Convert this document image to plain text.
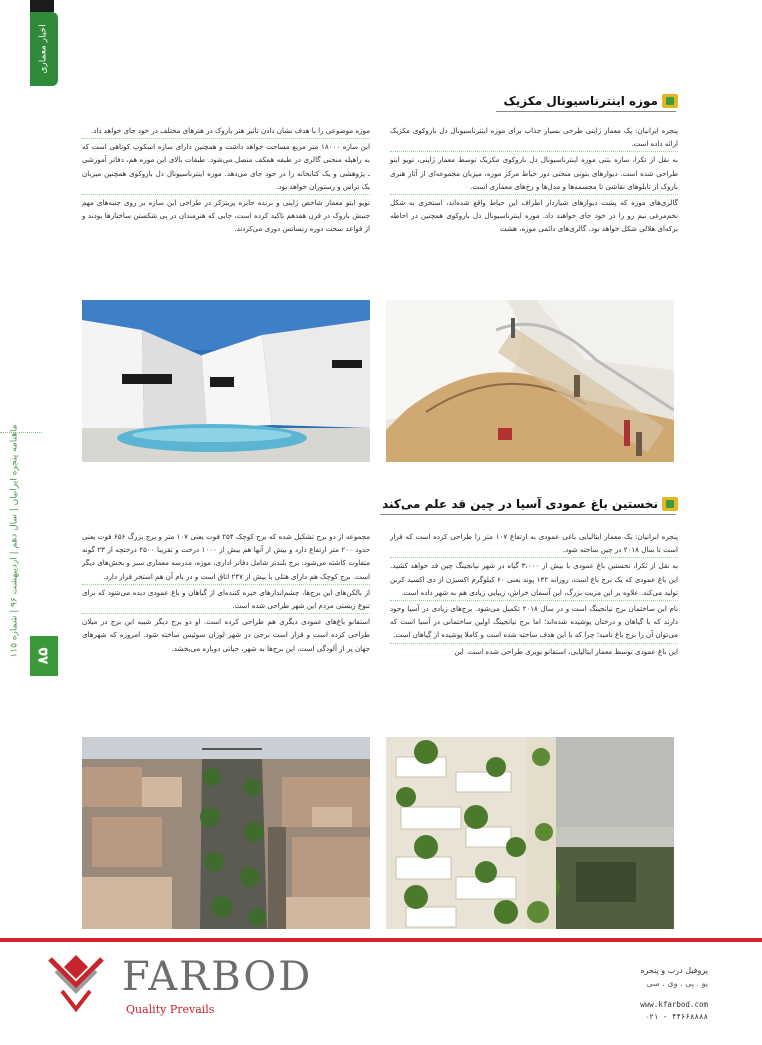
اخبار معماری
ماهنامه پنجره ایرانیان | سال دهم | اردیبهشت ۹۶ | شماره ۱۱۵
۸۵
موزه اینترناسیونال مکزیک

پنجره ایرانیان: یک معمار ژاپنی طرحی بسیار جذاب برای موزه اینترناسیونال دل باروکوی مکزیک ارائه داده است.

به نقل از تکرا، سازه بتنی موزه اینترناسیونال دل باروکوی مکزیک توسط معمار ژاپنی، تویو ایتو طراحی شده است. دیوارهای بتونی منحنی دور حیاط مرکز موزه، میزبان مجموعه‌ای از آثار هنری باروک از تابلوهای نقاشی تا مجسمه‌ها و مدل‌ها و رخ‌های معماری است.

گالری‌های موزه که پشت دیوارهای شیاردار اطراف این حیاط واقع شده‌اند، استخری به شکل تخم‌مرغی نیم رو را در خود جای خواهند داد. موزه اینترناسیونال دل باروکوی همچنین در احاطه برکه‌ای هلالی شکل خواهد بود. گالری‌های دائمی موزه، هشت

موزه موضوعی را با هدف نشان دادن تاثیر هنر باروک در هنرهای مختلف در خود جای خواهد داد.

این سازه ۱۸۰۰۰ متر مربع مساحت خواهد داشت و همچنین دارای سازه اسکوپ کوتاهی است که به راهپله منحنی گالری در طبقه همکف متصل می‌شود. طبقات بالای این موزه هم، دفاتر آموزشی ـ پژوهشی و یک کتابخانه را در خود جای می‌دهد. موزه اینترناسیونال دل باروکوی همچنین میزبان یک تراس و رستوران خواهد بود.

تویو ایتو معمار شاخص ژاپنی و برنده جایزه پریتزکر در طراحی این سازه بر روی جنبه‌های مهم جنبش باروک در قرن هفدهم تاکید کرده است، جایی که هنرمندان در پی شکستن ساختارها بودند و از قواعد سخت دوره رنسانس دوری می‌کردند.

نخستین باغ عمودی آسیا در چین قد علم می‌کند

پنجره ایرانیان: یک معمار ایتالیایی باغی عمودی به ارتفاع ۱۰۷ متر را طراحی کرده است که قرار است تا سال ۲۰۱۸ در چین ساخته شود.

به نقل از تکرا، نخستین باغ عمودی با بیش از ۳،۰۰۰ گیاه در شهر نیانجینگ چین قد خواهد کشید. این باغ عمودی که یک برج باغ است، روزانه ۱۳۲ پوند یعنی ۶۰ کیلوگرم اکسیژن از دی اکسید کربن تولید می‌کند. علاوه بر این مزیت بزرگ، این آسمان خراش، زیبایی زیادی هم به شهر داده است.

نام این ساختمان برج نیانجینگ است و در سال ۲۰۱۸ تکمیل می‌شود. برج‌های زیادی در آسیا وجود دارند که با گیاهان و درختان پوشیده شده‌اند؛ اما برج نیانجینگ اولین ساختمانی در آسیا است که می‌توان آن را برج باغ نامید؛ چرا که با این هدف ساخته شده است و کاملا پوشیده از گیاهان است.

این باغ عمودی توسط معمار ایتالیایی، استفانو بویری طراحی شده است. این

مجموعه از دو برج تشکیل شده که برج کوچک ۲۵۴ فوت یعنی ۱۰۷ متر و برج بزرگ ۶۵۶ فوت یعنی حدود ۲۰۰ متر ارتفاع دارد و بیش از آنها هم بیش از ۱۰۰۰ درخت و تقریبا ۲۵۰۰ درختچه از ۲۳ گونه متفاوت کاشته می‌شود. برج بلندتر شامل دفاتر اداری، موزه، مدرسه معماری سبز و بخش‌های دیگر است. برج کوچک هم دارای هتلی با بیش از ۲۴۷ اتاق است و در بام آن هم استخر قرار دارد.

از بالکن‌های این برج‌ها، چشم‌اندازهای خیره کننده‌ای از گیاهان و باغ عمودی دیده می‌شود که برای تنوع زیستی مردم این شهر طراحی شده است.

استفانو باغ‌های عمودی دیگری هم طراحی کرده است. او دو برج دیگر شبیه این برج در میلان طراحی کرده است و قرار است برجی در شهر لوزان سوئیس ساخته شود. امروزه که شهرهای جهان پر از آلودگی است، این برج‌ها به شهر، حیاتی دوباره می‌بخشد.

FARBOD
Quality Prevails
پروفیل درب و پنجره
یو . پی . وی . سی
www.kfarbod.com
۰۲۱ - ۴۴۶۶۸۸۸۸
